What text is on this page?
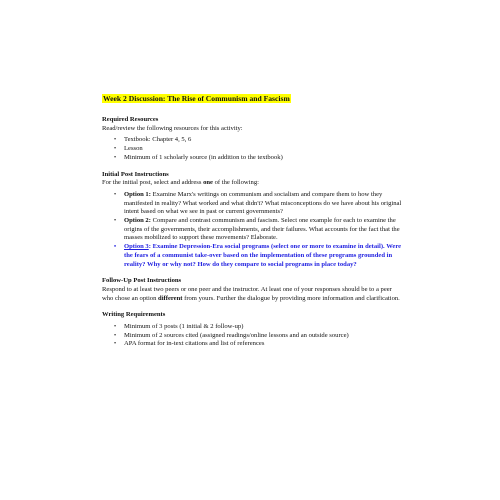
Week 2 Discussion: The Rise of Communism and Fascism
Required Resources

Read/review the following resources for this activity:

• Textbook: Chapter 4, 5, 6
• Lesson
• Minimum of 1 scholarly source (in addition to the textbook)
Initial Post Instructions

For the initial post, select and address one of the following:

• Option 1: Examine Marx's writings on communism and socialism and compare them to how they manifested in reality? What worked and what didn't? What misconceptions do we have about his original intent based on what we see in past or current governments?
• Option 2: Compare and contrast communism and fascism. Select one example for each to examine the origins of the governments, their accomplishments, and their failures. What accounts for the fact that the masses mobilized to support these movements? Elaborate.
• Option 3: Examine Depression-Era social programs (select one or more to examine in detail). Were the fears of a communist take-over based on the implementation of these programs grounded in reality? Why or why not? How do they compare to social programs in place today?
Follow-Up Post Instructions

Respond to at least two peers or one peer and the instructor. At least one of your responses should be to a peer who chose an option different from yours. Further the dialogue by providing more information and clarification.

Writing Requirements
• Minimum of 3 posts (1 initial & 2 follow-up)
• Minimum of 2 sources cited (assigned readings/online lessons and an outside source)
• APA format for in-text citations and list of references
